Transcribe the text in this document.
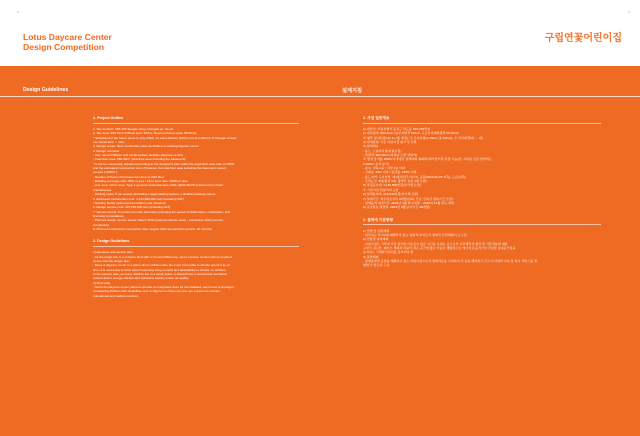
4
Lotus Daycare Center
Design Competition
Design Guidelines
1. Project Outline
1. Site location: 365-235 Sangdo-dong, Dongjak-gu, Seoul
2. Site area: 560.44m² (Official area: 543m², Road exclusion area: 56.52m²)
* Scheduled in the future (June to July 2022): 11 Land division (540m² out of 4,160m²), D Change of land
use (heart land → site)
3. Design scope: New construction after demolition of existing daycare center
4. Design overview
- Use: senior/children and social welfare facilities (daycare center)
- Total floor area: 980.00m² (total floor area including the basement)
* It can be reasonably adjusted according to the designer's plan within the legal floor area ratio of 150%
and the estimated construction cost. (However, the total floor area including the basement cannot
exceed 1,000m².)
- Number of floors: First basement floor to third floor
- Building coverage ratio: 60% or less / Floor area ratio: 150% or less
- Use area: Urban area, Type 1 general residential area, Park (2023-09-05 (interference): Road
(interference)
- Parking scale: 5 car spaces (including 1 legal parking spaces, 1 disabled parking space)
5. Estimated construction cost: 4,130,899,000 won (including VAT)
* Existing facility (advanced demolition cost included)
6. Design service cost: 215,540,000 won (including VAT)
7. Service period: 9 months from the start date (including the period of deliberation, certification, and
licensing consultation)
- Planned design service period: March 2022 (planned service start) ~ December 2022 (service
completion)
8. Planned construction completion date: August 2024 (construction period: 20 months)
2. Design Guidelines
1) Elevation and section plan
- As the target site is a complex land with a 7m land difference, and a creative section plan is required.
2) Eco-friendly design plan
- Since a daycare center is a place where children who are most vulnerable to climate spend a lot of
time, it is necessary to think about improving living comfort and adaptability to climate. In addition
to the passive plan, as many children live in a small space, it should have a mechanical ventilation
system that is energy-efficient and maintains healthy indoor air quality.
3) Floor plan
- Since the daycare center plans to operate an integrated class for the disabled, each room is arranged
considering children with disabilities and configured so that everyone can experience various
educational and welfare services.
5
구립연꽃어린이집
설계지침
1. 사업 일반개요
1) 대상지: 서울특별시 동작구 상도동 365-235번지
2) 대지면적: 560.44m² (공부상면적 543m², 도로부지제외면적 56.52m²)
※ 향후 필지분할(’22 6~7월 예정): ① 토지분할(4,160m² 중 540m²), ② 지목변경(대 → 대)
3) 설계범위: 기존 어린이집 철거 후 신축
4) 설계개요
- 용도: 노유자시설(어린이집)
- 연면적: 980.00m² (지하층 포함 연면적)
※ 법정 용적률 150% 이내에서 설계자의 계획에 따라 합리적 조정 가능(단, 지하층 포함 연면적은
1,000m² 초과 불가)
- 층수: 지하 1층 / 지상 3층 이내
- 건폐율: 60% 이하 / 용적률: 150% 이하
- 용도지역: 도시지역, 제1종일반주거지역, 공원(2023-09-05 저촉), 도로(저촉)
- 주차규모: 5대(법정 1대, 장애인 전용 1대 포함)
5) 추정공사비: 4,130,899천원(부가세 포함)
※ 기존시설 선철거비 포함
6) 설계용역비: 215,540천원(부가세 포함)
7) 설계기간: 착수일로부터 9개월(심의, 인증, 인허가 협의기간 포함)
- 설계용역 예정기간: 2022년 3월 착수예정 ~ 2022년 12월 완료 예정
8) 공사완료 예정일: 2024년 8월(공사기간 20개월)
2. 설계에 기본방향
1) 입면 및 단면계획
- 대상지는 약 7m의 레벨차가 있는 복합적 부지로서 창의적 단면계획이 요구됨
2) 친환경 설계계획
- 어린이집은 기후에 가장 취약한 아동들이 많은 시간을 보내는 곳으로서 거주쾌적성 향상 및 기후적응에 대한
고민이 필요함. 패시브 계획과 더불어 좌은 공간에 많은 아동이 생활하므로 에너지 효율적이며 건강한 실내공기질을
유지하는 기계환기설비를 갖추어야 함
3) 평면계획
- 장애통합반 운영을 계획하고 있는 어린이집으로서 장애아동을 고려하여 각 실을 배치하고 모두가 다양한 교육 및 복지 서비스를 경
험할 수 있도록 구성
